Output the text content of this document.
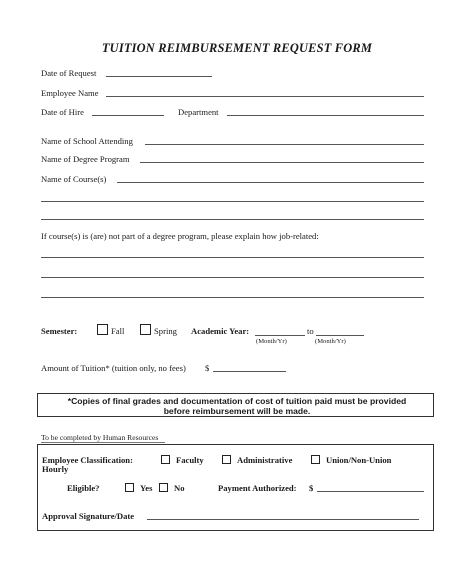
TUITION REIMBURSEMENT REQUEST FORM
Date of Request
Employee Name
Date of Hire	Department
Name of School Attending
Name of Degree Program
Name of Course(s)
If course(s) is (are) not part of a degree program, please explain how job-related:
Semester:	Fall	Spring Academic Year:
(Month/Yr)
to
(Month/Yr)
Amount of Tuition* (tuition only, no fees) $
*Copies of final grades and documentation of cost of tuition paid must be provided
before reimbursement will be made.
To be completed by Human Resources
Employee Classification:	Faculty	Administrative	Union/Non-Union
Hourly
Eligible?	Yes	No	Payment Authorized: $
Approval Signature/Date
